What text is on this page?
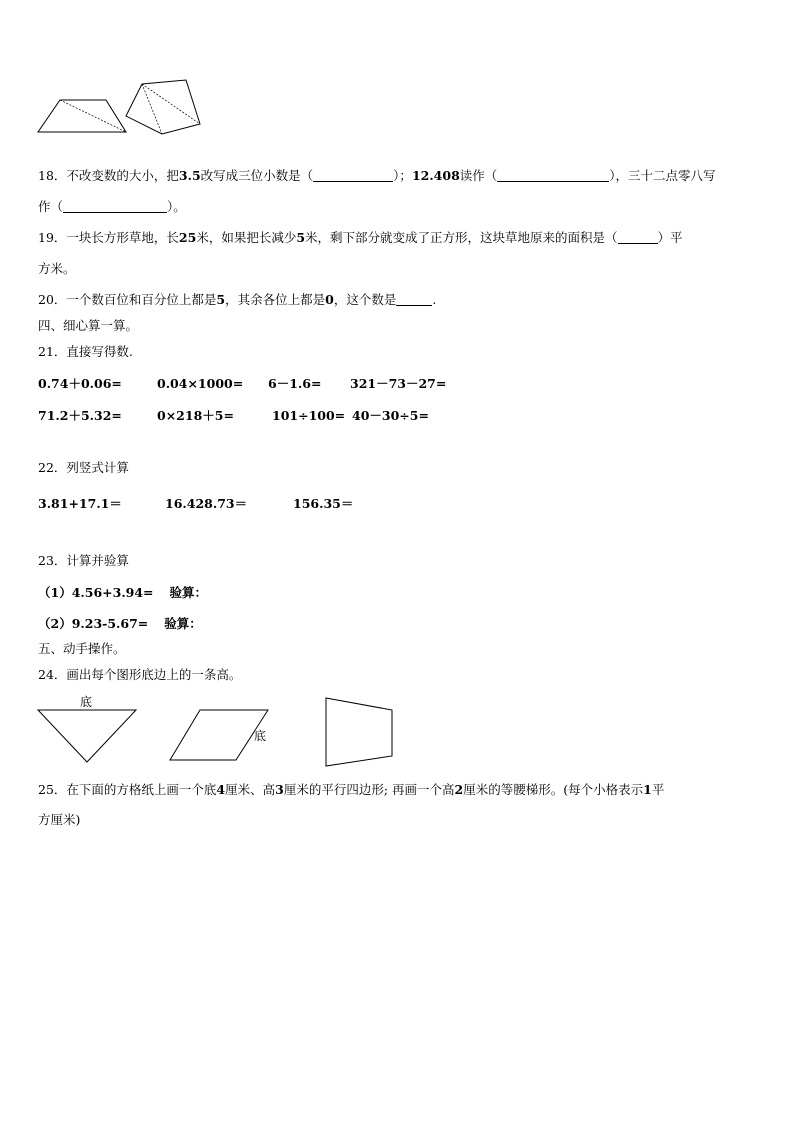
18．不改变数的大小，把3.5改写成三位小数是（	）；12.408读作（	），三十二点零八写
作（	）。
19．一块长方形草地，长25米，如果把长减少5米，剩下部分就变成了正方形，这块草地原来的面积是（	）平
方米。
20．一个数百位和百分位上都是5，其余各位上都是0，这个数是	.
四、细心算一算。
21．直接写得数.
0.74＋0.06=	0.04×1000= 6－1.6= 321－73－27=
71.2＋5.32=	0×218＋5=	101÷100= 40－30÷5=
22．列竖式计算
3.81+17.1＝	16.428.73＝	156.35＝
23．计算并验算
（1）4.56+3.94= 验算：
（2）9.23-5.67= 验算：
五、动手操作。
24．画出每个图形底边上的一条高。
底
底
25．在下面的方格纸上画一个底4厘米、高3厘米的平行四边形; 再画一个高2厘米的等腰梯形。(每个小格表示1平
方厘米)
